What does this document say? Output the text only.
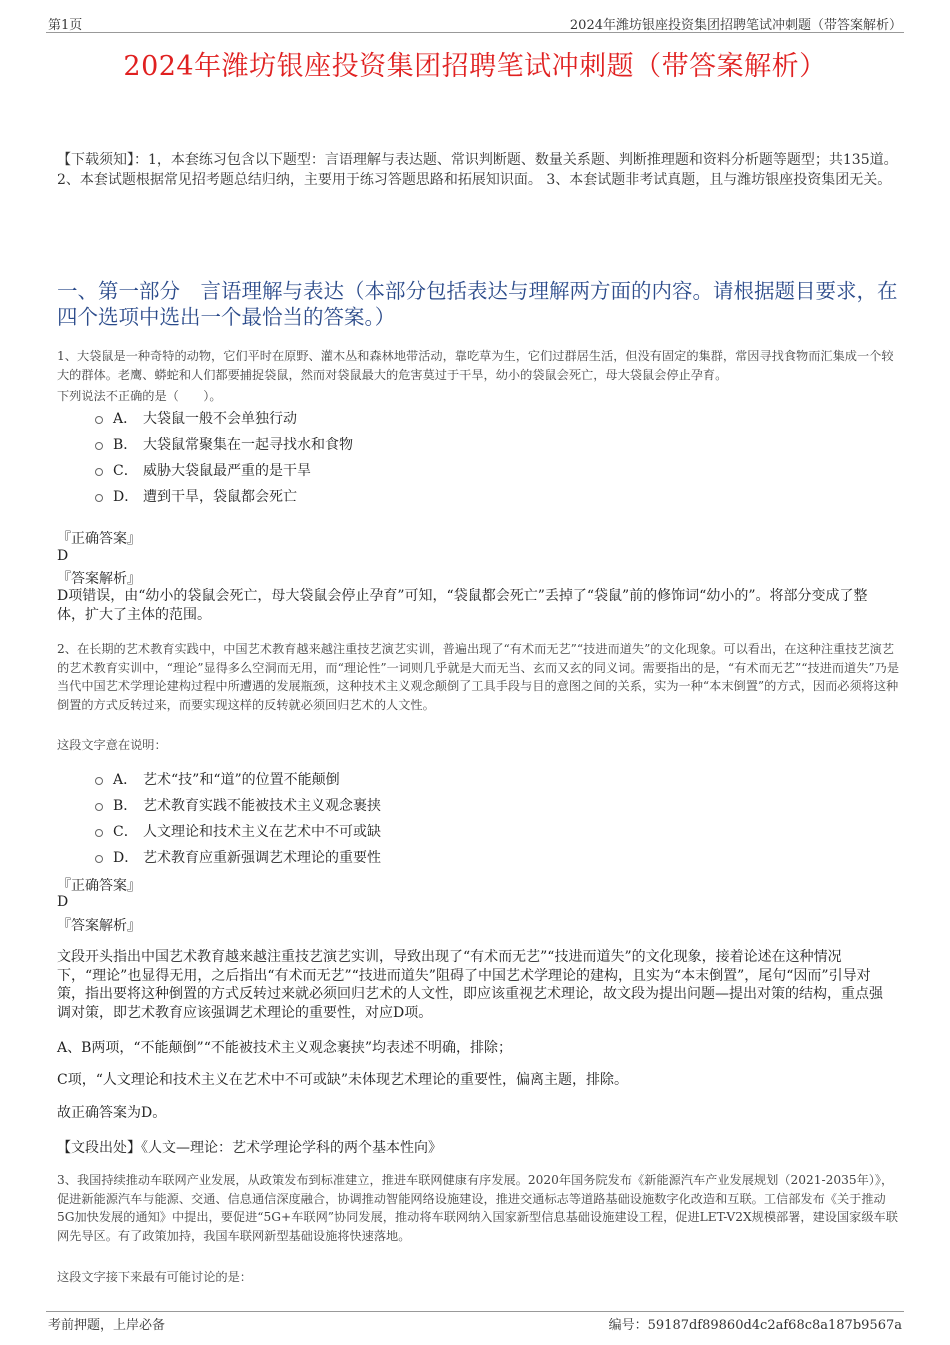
第1页	2024年潍坊银座投资集团招聘笔试冲刺题（带答案解析）
2024年潍坊银座投资集团招聘笔试冲刺题（带答案解析）
【下载须知】：1，本套练习包含以下题型：言语理解与表达题、常识判断题、数量关系题、判断推理题和资料分析题等题型；共135道。 2、本套试题根据常见招考题总结归纳，主要用于练习答题思路和拓展知识面。 3、本套试题非考试真题，且与潍坊银座投资集团无关。
一、第一部分　言语理解与表达（本部分包括表达与理解两方面的内容。请根据题目要求，在四个选项中选出一个最恰当的答案。）
1、大袋鼠是一种奇特的动物，它们平时在原野、灌木丛和森林地带活动，靠吃草为生，它们过群居生活，但没有固定的集群，常因寻找食物而汇集成一个较大的群体。老鹰、蟒蛇和人们都要捕捉袋鼠，然而对袋鼠最大的危害莫过于干旱，幼小的袋鼠会死亡，母大袋鼠会停止孕育。
下列说法不正确的是（　　）。
A． 大袋鼠一般不会单独行动
B． 大袋鼠常聚集在一起寻找水和食物
C． 威胁大袋鼠最严重的是干旱
D． 遭到干旱，袋鼠都会死亡
『正确答案』
D
『答案解析』
D项错误，由“幼小的袋鼠会死亡，母大袋鼠会停止孕育”可知，“袋鼠都会死亡”丢掉了“袋鼠”前的修饰词“幼小的”。将部分变成了整体，扩大了主体的范围。
2、在长期的艺术教育实践中，中国艺术教育越来越注重技艺演艺实训，普遍出现了“有术而无艺”“技进而道失”的文化现象。可以看出，在这种注重技艺演艺的艺术教育实训中，“理论”显得多么空洞而无用，而“理论性”一词则几乎就是大而无当、玄而又玄的同义词。需要指出的是，“有术而无艺”“技进而道失”乃是当代中国艺术学理论建构过程中所遭遇的发展瓶颈，这种技术主义观念颠倒了工具手段与目的意图之间的关系，实为一种“本末倒置”的方式，因而必须将这种倒置的方式反转过来，而要实现这样的反转就必须回归艺术的人文性。
这段文字意在说明：
A． 艺术“技”和“道”的位置不能颠倒
B． 艺术教育实践不能被技术主义观念裹挟
C． 人文理论和技术主义在艺术中不可或缺
D． 艺术教育应重新强调艺术理论的重要性
『正确答案』
D
『答案解析』
文段开头指出中国艺术教育越来越注重技艺演艺实训，导致出现了“有术而无艺”“技进而道失”的文化现象，接着论述在这种情况下，“理论”也显得无用，之后指出“有术而无艺”“技进而道失”阻碍了中国艺术学理论的建构，且实为“本末倒置”，尾句“因而”引导对策，指出要将这种倒置的方式反转过来就必须回归艺术的人文性，即应该重视艺术理论，故文段为提出问题—提出对策的结构，重点强调对策，即艺术教育应该强调艺术理论的重要性，对应D项。
A、B两项，“不能颠倒”“不能被技术主义观念裹挟”均表述不明确，排除；
C项，“人文理论和技术主义在艺术中不可或缺”未体现艺术理论的重要性，偏离主题，排除。
故正确答案为D。
【文段出处】《人文—理论：艺术学理论学科的两个基本性向》
3、我国持续推动车联网产业发展，从政策发布到标准建立，推进车联网健康有序发展。2020年国务院发布《新能源汽车产业发展规划（2021-2035年）》，促进新能源汽车与能源、交通、信息通信深度融合，协调推动智能网络设施建设，推进交通标志等道路基础设施数字化改造和互联。工信部发布《关于推动5G加快发展的通知》中提出，要促进“5G+车联网”协同发展，推动将车联网纳入国家新型信息基础设施建设工程，促进LET-V2X规模部署，建设国家级车联网先导区。有了政策加持，我国车联网新型基础设施将快速落地。
这段文字接下来最有可能讨论的是：
考前押题，上岸必备	编号：59187df89860d4c2af68c8a187b9567a
